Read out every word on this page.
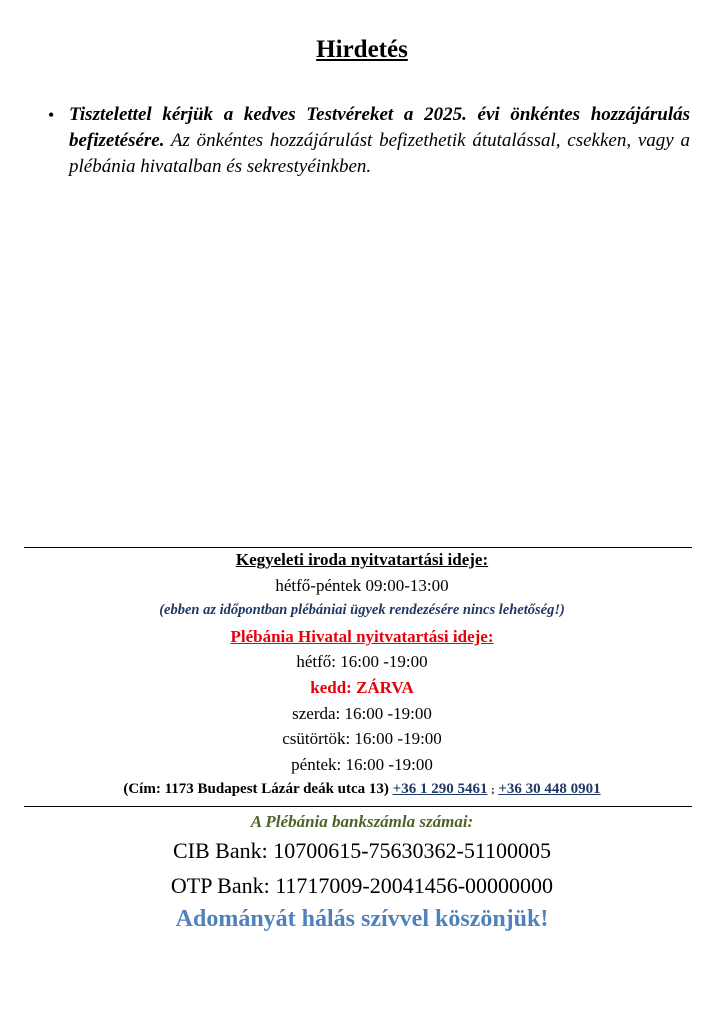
Hirdetés
• Tisztelettel kérjük a kedves Testvéreket a 2025. évi önkéntes hozzájárulás befizetésére. Az önkéntes hozzájárulást befizethetik átutalással, csekken, vagy a plébánia hivatalban és sekrestyéinkben.
Kegyeleti iroda nyitvatartási ideje:
hétfő-péntek 09:00-13:00
(ebben az időpontban plébániai ügyek rendezésére nincs lehetőség!)
Plébánia Hivatal nyitvatartási ideje:
hétfő: 16:00 -19:00
kedd: ZÁRVA
szerda: 16:00 -19:00
csütörtök: 16:00 -19:00
péntek: 16:00 -19:00
(Cím: 1173 Budapest Lázár deák utca 13) +36 1 290 5461 ; +36 30 448 0901
A Plébánia bankszámla számai:
CIB Bank: 10700615-75630362-51100005
OTP Bank: 11717009-20041456-00000000
Adományát hálás szívvel köszönjük!
